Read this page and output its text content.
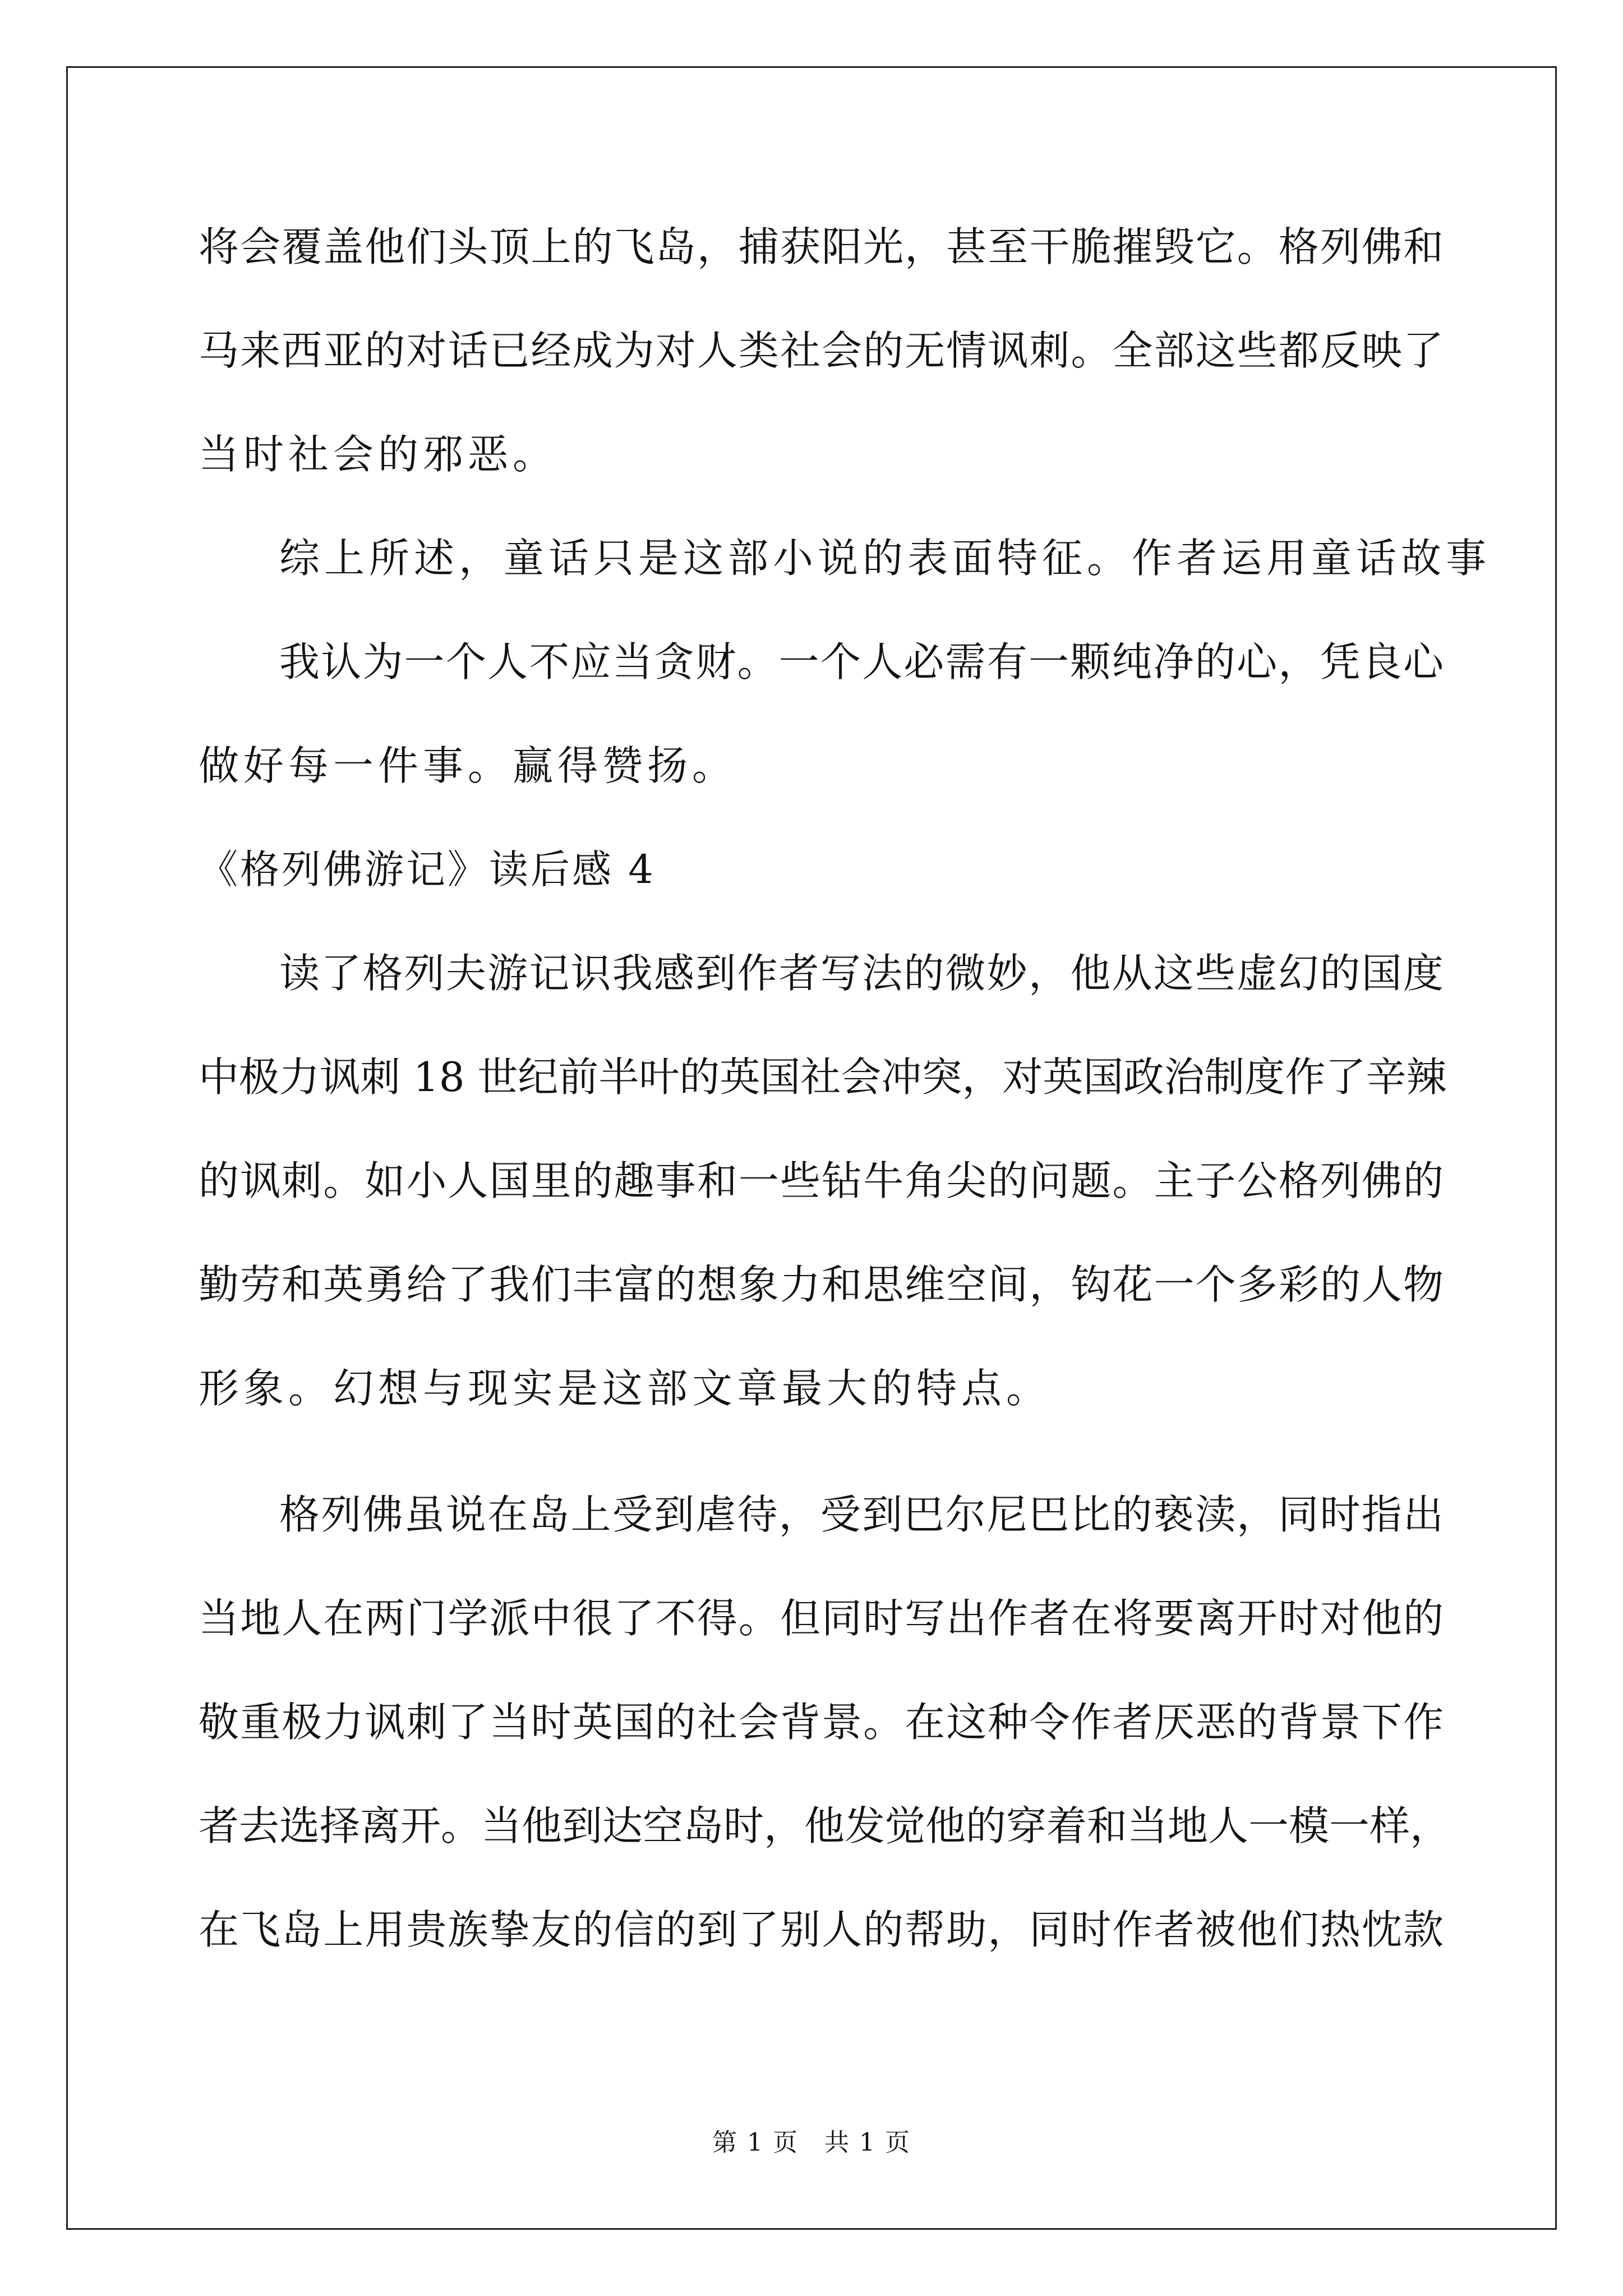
将会覆盖他们头顶上的飞岛，捕获阳光，甚至干脆摧毁它。格列佛和
马来西亚的对话已经成为对人类社会的无情讽刺。全部这些都反映了
当时社会的邪恶。
综上所述，童话只是这部小说的表面特征。作者运用童话故事
我认为一个人不应当贪财。一个人必需有一颗纯净的心，凭良心
做好每一件事。赢得赞扬。
《格列佛游记》读后感 4
读了格列夫游记识我感到作者写法的微妙，他从这些虚幻的国度
中极力讽刺 18 世纪前半叶的英国社会冲突，对英国政治制度作了辛辣
的讽刺。如小人国里的趣事和一些钻牛角尖的问题。主子公格列佛的
勤劳和英勇给了我们丰富的想象力和思维空间，钩花一个多彩的人物
形象。幻想与现实是这部文章最大的特点。
格列佛虽说在岛上受到虐待，受到巴尔尼巴比的亵渎，同时指出
当地人在两门学派中很了不得。但同时写出作者在将要离开时对他的
敬重极力讽刺了当时英国的社会背景。在这种令作者厌恶的背景下作
者去选择离开。当他到达空岛时，他发觉他的穿着和当地人一模一样，
在飞岛上用贵族挚友的信的到了别人的帮助，同时作者被他们热忱款
第 1 页　共 1 页
